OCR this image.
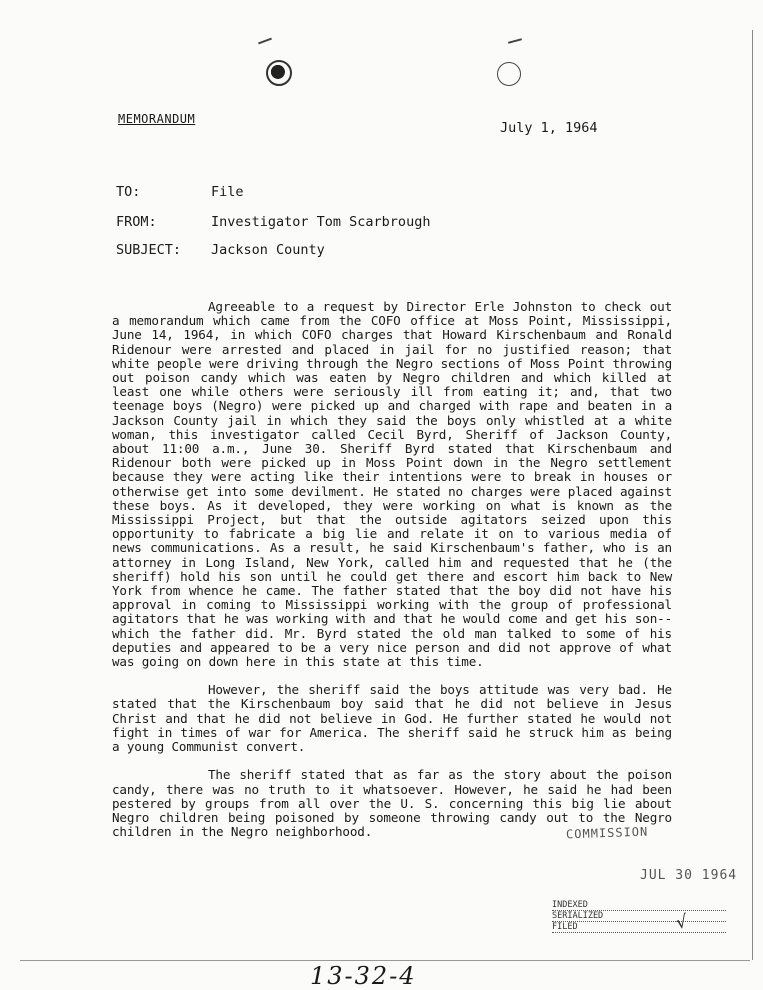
MEMORANDUM
July 1, 1964
TO:	File
FROM:	Investigator Tom Scarbrough
SUBJECT: Jackson County

Agreeable to a request by Director Erle Johnston to check out a memorandum which came from the COFO office at Moss Point, Mississippi, June 14, 1964, in which COFO charges that Howard Kirschenbaum and Ronald Ridenour were arrested and placed in jail for no justified reason; that white people were driving through the Negro sections of Moss Point throwing out poison candy which was eaten by Negro children and which killed at least one while others were seriously ill from eating it; and, that two teenage boys (Negro) were picked up and charged with rape and beaten in a Jackson County jail in which they said the boys only whistled at a white woman, this investigator called Cecil Byrd, Sheriff of Jackson County, about 11:00 a.m., June 30. Sheriff Byrd stated that Kirschenbaum and Ridenour both were picked up in Moss Point down in the Negro settlement because they were acting like their intentions were to break in houses or otherwise get into some devilment. He stated no charges were placed against these boys. As it developed, they were working on what is known as the Mississippi Project, but that the outside agitators seized upon this opportunity to fabricate a big lie and relate it on to various media of news communications. As a result, he said Kirschenbaum's father, who is an attorney in Long Island, New York, called him and requested that he (the sheriff) hold his son until he could get there and escort him back to New York from whence he came. The father stated that the boy did not have his approval in coming to Mississippi working with the group of professional agitators that he was working with and that he would come and get his son--which the father did. Mr. Byrd stated the old man talked to some of his deputies and appeared to be a very nice person and did not approve of what was going on down here in this state at this time.

However, the sheriff said the boys attitude was very bad. He stated that the Kirschenbaum boy said that he did not believe in Jesus Christ and that he did not believe in God. He further stated he would not fight in times of war for America. The sheriff said he struck him as being a young Communist convert.

The sheriff stated that as far as the story about the poison candy, there was no truth to it whatsoever. However, he said he had been pestered by groups from all over the U. S. concerning this big lie about Negro children being poisoned by someone throwing candy out to the Negro children in the Negro neighborhood.	COMMISSION
JUL 30 1964
INDEXED
SERIALIZED
FILED	√
13-32-4
